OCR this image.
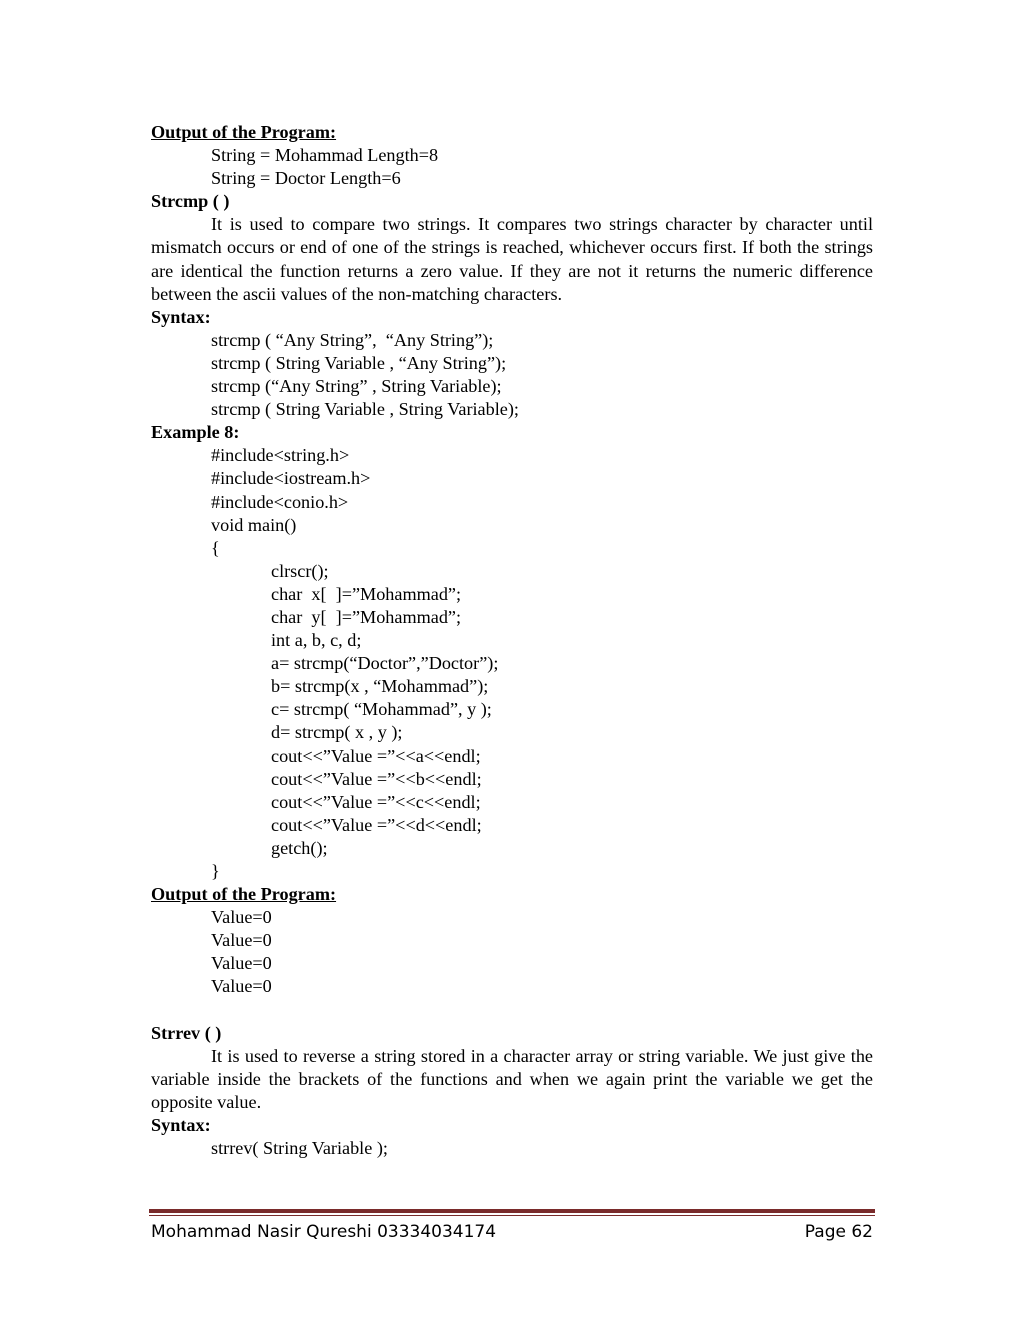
Output of the Program:
String = Mohammad Length=8
String = Doctor Length=6
Strcmp ( )
It is used to compare two strings. It compares two strings character by character until mismatch occurs or end of one of the strings is reached, whichever occurs first. If both the strings are identical the function returns a zero value. If they are not it returns the numeric difference between the ascii values of the non-matching characters.
Syntax:
strcmp ( “Any String”,  “Any String”);
strcmp ( String Variable , “Any String”);
strcmp (“Any String” , String Variable);
strcmp ( String Variable , String Variable);
Example 8:
#include<string.h>
#include<iostream.h>
#include<conio.h>
void main()
{
clrscr();
char  x[  ]=”Mohammad”;
char  y[  ]=”Mohammad”;
int a, b, c, d;
a= strcmp(“Doctor”,”Doctor”);
b= strcmp(x , “Mohammad”);
c= strcmp( “Mohammad”, y );
d= strcmp( x , y );
cout<<”Value =”<<a<<endl;
cout<<”Value =”<<b<<endl;
cout<<”Value =”<<c<<endl;
cout<<”Value =”<<d<<endl;
getch();
}
Output of the Program:
Value=0
Value=0
Value=0
Value=0
Strrev ( )
It is used to reverse a string stored in a character array or string variable. We just give the variable inside the brackets of the functions and when we again print the variable we get the opposite value.
Syntax:
strrev( String Variable );
Mohammad Nasir Qureshi 03334034174	Page 62
